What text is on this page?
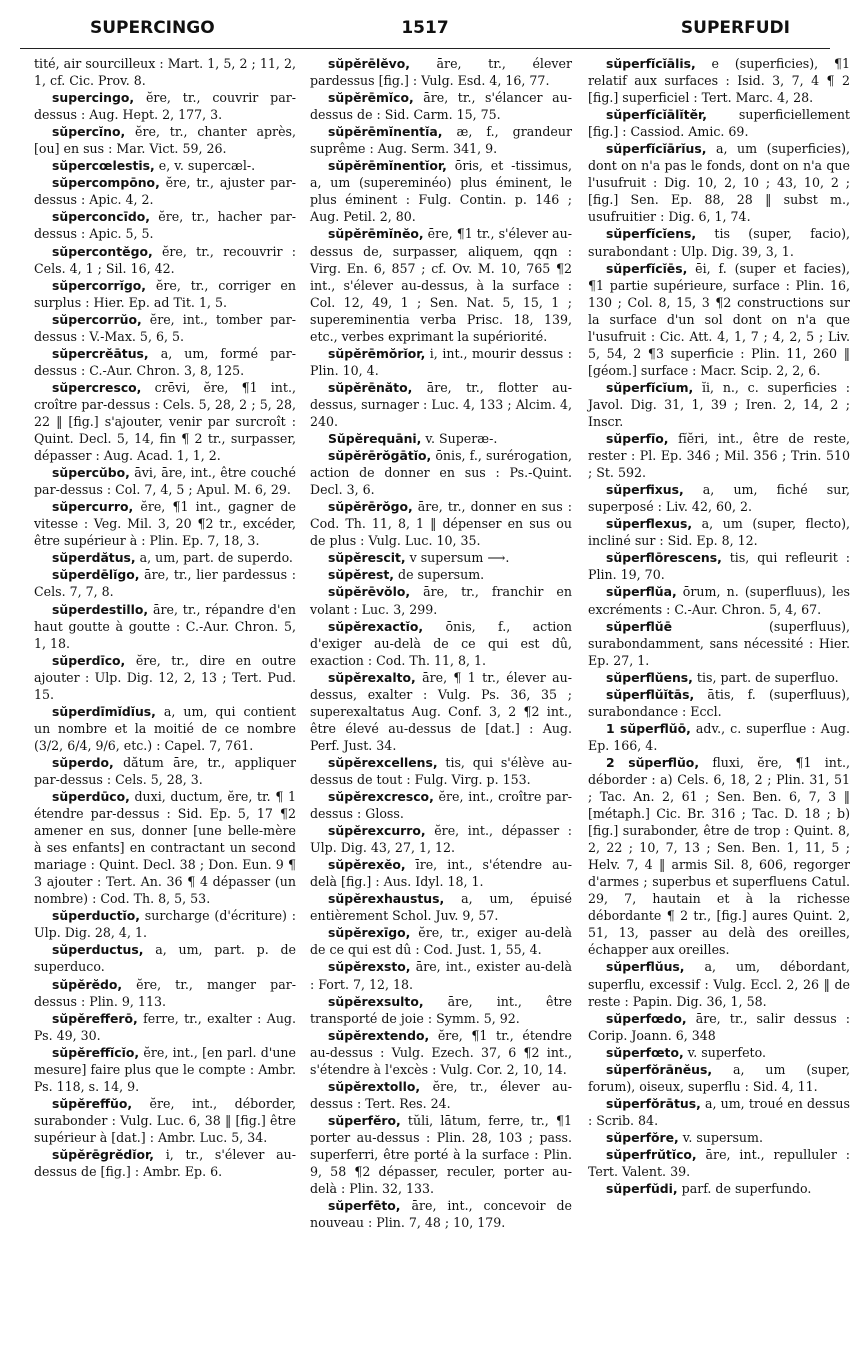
SUPERCINGO	1517	SUPERFUDI

tité, air sourcilleux : Mart. 1, 5, 2 ; 11, 2, 1, cf. Cic. Prov. 8.

supercingo, ĕre, tr., couvrir par-dessus : Aug. Hept. 2, 177, 3.

sŭpercĭno, ĕre, tr., chanter après, [ou] en sus : Mar. Vict. 59, 26.

sŭpercœlestis, e, v. supercæl-.

sŭpercompōno, ĕre, tr., ajuster par-dessus : Apic. 4, 2.

sŭperconcīdo, ĕre, tr., hacher par-dessus : Apic. 5, 5.

sŭpercontĕgo, ĕre, tr., recouvrir : Cels. 4, 1 ; Sil. 16, 42.

sŭpercorrĭgo, ĕre, tr., corriger en surplus : Hier. Ep. ad Tit. 1, 5.

sŭpercorrŭo, ĕre, int., tomber par-dessus : V.-Max. 5, 6, 5.

sŭpercrĕātus, a, um, formé par-dessus : C.-Aur. Chron. 3, 8, 125.

sŭpercresco, crēvi, ĕre, ¶1 int., croître par-dessus : Cels. 5, 28, 2 ; 5, 28, 22 ‖ [fig.] s'ajouter, venir par surcroît : Quint. Decl. 5, 14, fin ¶ 2 tr., surpasser, dépasser : Aug. Acad. 1, 1, 2.

sŭpercŭbo, āvi, āre, int., être couché par-dessus : Col. 7, 4, 5 ; Apul. M. 6, 29.

sŭpercurro, ĕre, ¶1 int., gagner de vitesse : Veg. Mil. 3, 20 ¶2 tr., excéder, être supérieur à : Plin. Ep. 7, 18, 3.

sŭperdătus, a, um, part. de superdo.

sŭperdēlĭgo, āre, tr., lier pardessus : Cels. 7, 7, 8.

sŭperdestillo, āre, tr., répandre d'en haut goutte à goutte : C.-Aur. Chron. 5, 1, 18.

sŭperdīco, ĕre, tr., dire en outre ajouter : Ulp. Dig. 12, 2, 13 ; Tert. Pud. 15.

sŭperdīmĭdĭus, a, um, qui contient un nombre et la moitié de ce nombre (3/2, 6/4, 9/6, etc.) : Capel. 7, 761.

sŭperdo, dătum āre, tr., appliquer par-dessus : Cels. 5, 28, 3.

sŭperdūco, duxi, ductum, ĕre, tr. ¶ 1 étendre par-dessus : Sid. Ep. 5, 17 ¶2 amener en sus, donner [une belle-mère à ses enfants] en contractant un second mariage : Quint. Decl. 38 ; Don. Eun. 9 ¶ 3 ajouter : Tert. An. 36 ¶ 4 dépasser (un nombre) : Cod. Th. 8, 5, 53.

sŭperductĭo, surcharge (d'écriture) : Ulp. Dig. 28, 4, 1.

sŭperductus, a, um, part. p. de superduco.

sŭpĕrĕdo, ĕre, tr., manger par-dessus : Plin. 9, 113.

sŭpĕrefferō, ferre, tr., exalter : Aug. Ps. 49, 30.

sŭpĕreffĭcĭo, ĕre, int., [en parl. d'une mesure] faire plus que le compte : Ambr. Ps. 118, s. 14, 9.

sŭpĕreffŭo, ĕre, int., déborder, surabonder : Vulg. Luc. 6, 38 ‖ [fig.] être supérieur à [dat.] : Ambr. Luc. 5, 34.

sŭpĕrēgrĕdĭor, i, tr., s'élever au-dessus de [fig.] : Ambr. Ep. 6.

sŭpĕrēlĕvo, āre, tr., élever pardessus [fig.] : Vulg. Esd. 4, 16, 77.

sŭpĕrēmĭco, āre, tr., s'élancer au-dessus de : Sid. Carm. 15, 75.

sŭpĕrēmĭnentĭa, æ, f., grandeur suprême : Aug. Serm. 341, 9.

sŭpĕrēmĭnentĭor, ōris, et -tissimus, a, um (supereminéo) plus éminent, le plus éminent : Fulg. Contin. p. 146 ; Aug. Petil. 2, 80.

sŭpĕrēmĭnĕo, ēre, ¶1 tr., s'élever au-dessus de, surpasser, aliquem, qqn : Virg. En. 6, 857 ; cf. Ov. M. 10, 765 ¶2 int., s'élever au-dessus, à la surface : Col. 12, 49, 1 ; Sen. Nat. 5, 15, 1 ; supereminentia verba Prisc. 18, 139, etc., verbes exprimant la supériorité.

sŭpĕrēmŏrĭor, i, int., mourir dessus : Plin. 10, 4.

sŭpĕrēnăto, āre, tr., flotter au-dessus, surnager : Luc. 4, 133 ; Alcim. 4, 240.

Sŭpĕrequāni, v. Superæ-.

sŭpĕrērŏgātĭo, ōnis, f., surérogation, action de donner en sus : Ps.-Quint. Decl. 3, 6.

sŭpĕrērŏgo, āre, tr., donner en sus : Cod. Th. 11, 8, 1 ‖ dépenser en sus ou de plus : Vulg. Luc. 10, 35.

sŭpĕrescit, v supersum ⟶.

sŭpĕrest, de supersum.

sŭpĕrēvŏlo, āre, tr., franchir en volant : Luc. 3, 299.

sŭpĕrexactĭo, ōnis, f., action d'exiger au-delà de ce qui est dû, exaction : Cod. Th. 11, 8, 1.

sŭpĕrexalto, āre, ¶ 1 tr., élever au-dessus, exalter : Vulg. Ps. 36, 35 ; superexaltatus Aug. Conf. 3, 2 ¶2 int., être élevé au-dessus de [dat.] : Aug. Perf. Just. 34.

sŭpĕrexcellens, tis, qui s'élève au-dessus de tout : Fulg. Virg. p. 153.

sŭpĕrexcresco, ĕre, int., croître par-dessus : Gloss.

sŭpĕrexcurro, ĕre, int., dépasser : Ulp. Dig. 43, 27, 1, 12.

sŭpĕrexĕo, īre, int., s'étendre au-delà [fig.] : Aus. Idyl. 18, 1.

sŭpĕrexhaustus, a, um, épuisé entièrement Schol. Juv. 9, 57.

sŭpĕrexīgo, ĕre, tr., exiger au-delà de ce qui est dû : Cod. Just. 1, 55, 4.

sŭpĕrexsto, āre, int., exister au-delà : Fort. 7, 12, 18.

sŭpĕrexsulto, āre, int., être transporté de joie : Symm. 5, 92.

sŭpĕrextendo, ĕre, ¶1 tr., étendre au-dessus : Vulg. Ezech. 37, 6 ¶2 int., s'étendre à l'excès : Vulg. Cor. 2, 10, 14.

sŭpĕrextollo, ĕre, tr., élever au-dessus : Tert. Res. 24.

sŭperfĕro, tŭli, lātum, ferre, tr., ¶1 porter au-dessus : Plin. 28, 103 ; pass. superferri, être porté à la surface : Plin. 9, 58 ¶2 dépasser, reculer, porter au-delà : Plin. 32, 133.

sŭperfēto, āre, int., concevoir de nouveau : Plin. 7, 48 ; 10, 179.

sŭperfĭcĭālis, e (superficies), ¶1 relatif aux surfaces : Isid. 3, 7, 4 ¶ 2 [fig.] superficiel : Tert. Marc. 4, 28.

sŭperfĭcĭālĭtĕr, superficiellement [fig.] : Cassiod. Amic. 69.

sŭperfĭcĭārĭus, a, um (superficies), dont on n'a pas le fonds, dont on n'a que l'usufruit : Dig. 10, 2, 10 ; 43, 10, 2 ; [fig.] Sen. Ep. 88, 28 ‖ subst m., usufruitier : Dig. 6, 1, 74.

sŭperfĭcĭens, tis (super, facio), surabondant : Ulp. Dig. 39, 3, 1.

sŭperfĭcĭēs, ēi, f. (super et facies), ¶1 partie supérieure, surface : Plin. 16, 130 ; Col. 8, 15, 3 ¶2 constructions sur la surface d'un sol dont on n'a que l'usufruit : Cic. Att. 4, 1, 7 ; 4, 2, 5 ; Liv. 5, 54, 2 ¶3 superficie : Plin. 11, 260 ‖ [géom.] surface : Macr. Scip. 2, 2, 6.

sŭperfĭcĭum, ĭi, n., c. superficies : Javol. Dig. 31, 1, 39 ; Iren. 2, 14, 2 ; Inscr.

sŭperfīo, fĭĕri, int., être de reste, rester : Pl. Ep. 346 ; Mil. 356 ; Trin. 510 ; St. 592.

sŭperfixus, a, um, fiché sur, superposé : Liv. 42, 60, 2.

sŭperflexus, a, um (super, flecto), incliné sur : Sid. Ep. 8, 12.

sŭperflōrescens, tis, qui refleurit : Plin. 19, 70.

sŭperflŭa, ōrum, n. (superfluus), les excréments : C.-Aur. Chron. 5, 4, 67.

sŭperflŭē (superfluus), surabondamment, sans nécessité : Hier. Ep. 27, 1.

sŭperflŭens, tis, part. de superfluo.

sŭperflŭĭtās, ātis, f. (superfluus), surabondance : Eccl.

1 sŭperflŭō, adv., c. superflue : Aug. Ep. 166, 4.

2 sŭperflŭo, fluxi, ĕre, ¶1 int., déborder : a) Cels. 6, 18, 2 ; Plin. 31, 51 ; Tac. An. 2, 61 ; Sen. Ben. 6, 7, 3 ‖ [métaph.] Cic. Br. 316 ; Tac. D. 18 ; b) [fig.] surabonder, être de trop : Quint. 8, 2, 22 ; 10, 7, 13 ; Sen. Ben. 1, 11, 5 ; Helv. 7, 4 ‖ armis Sil. 8, 606, regorger d'armes ; superbus et superfluens Catul. 29, 7, hautain et à la richesse débordante ¶ 2 tr., [fig.] aures Quint. 2, 51, 13, passer au delà des oreilles, échapper aux oreilles.

sŭperflŭus, a, um, débordant, superflu, excessif : Vulg. Eccl. 2, 26 ‖ de reste : Papin. Dig. 36, 1, 58.

sŭperfœdo, āre, tr., salir dessus : Corip. Joann. 6, 348

sŭperfœto, v. superfeto.

sŭperfŏrānĕus, a, um (super, forum), oiseux, superflu : Sid. 4, 11.

sŭperfŏrātus, a, um, troué en dessus : Scrib. 84.

sŭperfŏre, v. supersum.

sŭperfrŭtĭco, āre, int., repulluler : Tert. Valent. 39.

sŭperfŭdi, parf. de superfundo.
